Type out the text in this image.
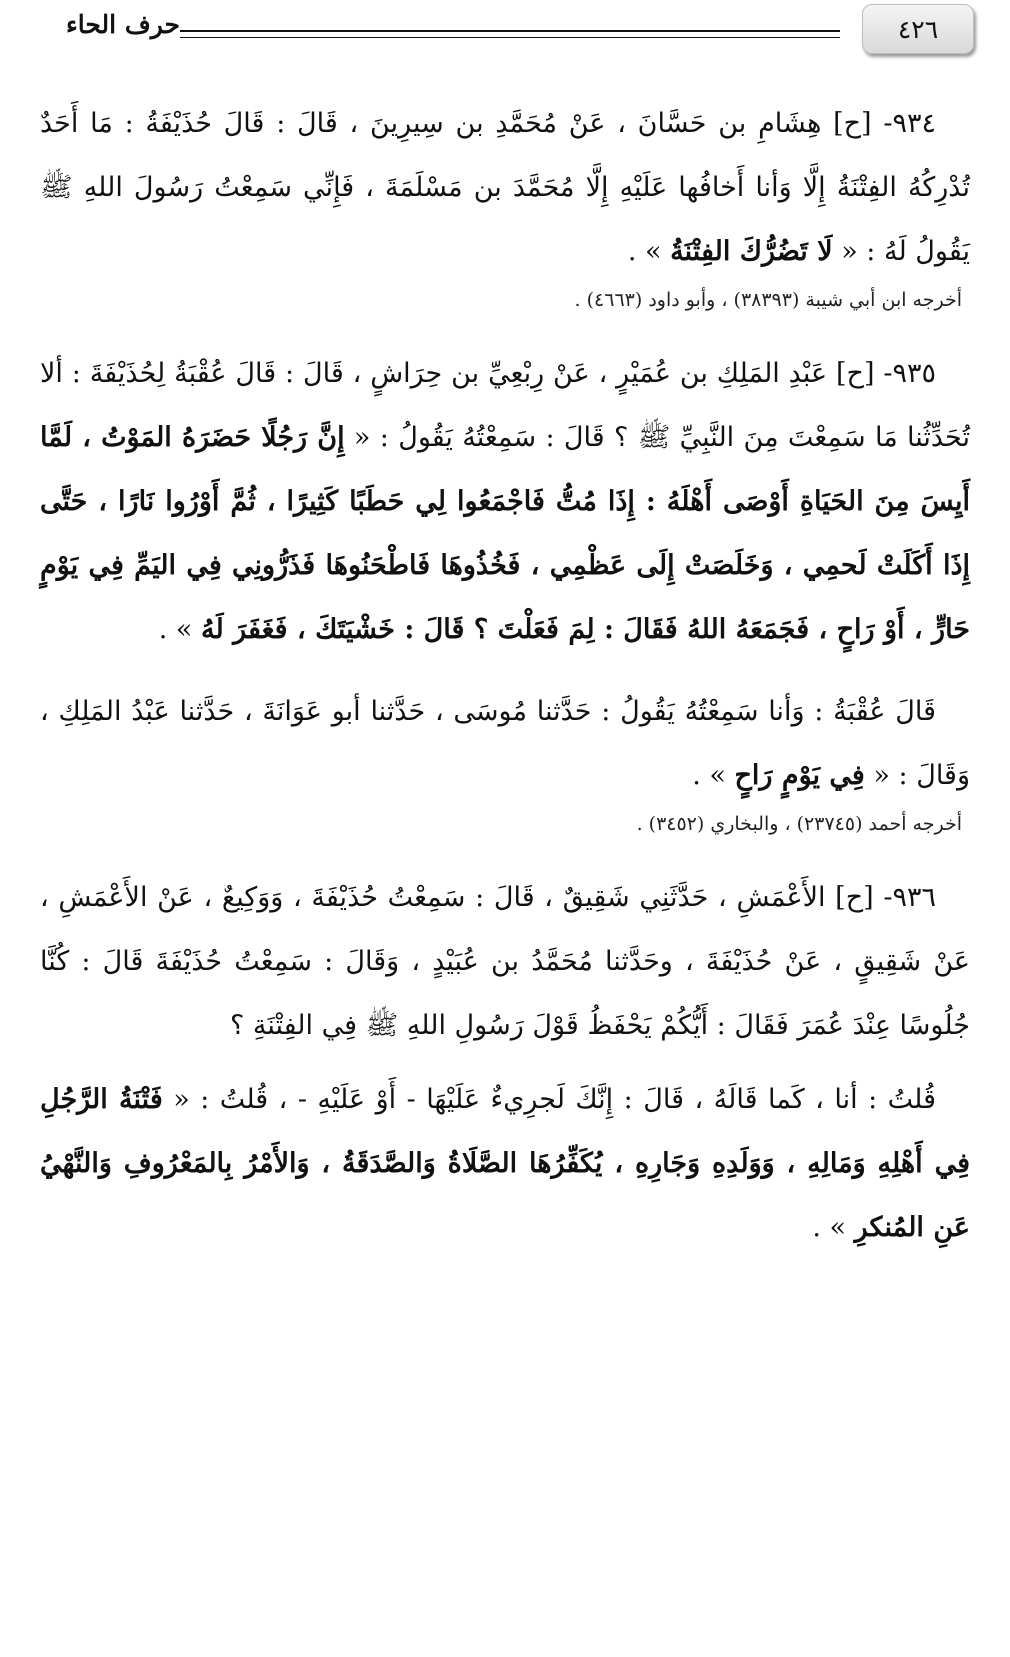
٤٢٦
حرف الحاء

٩٣٤- [ح] هِشَامِ بن حَسَّانَ ، عَنْ مُحَمَّدِ بن سِيرِينَ ، قَالَ : قَالَ حُذَيْفَةُ : مَا أَحَدٌ تُدْرِكُهُ الفِتْنَةُ إِلَّا وَأنا أَخافُها عَلَيْهِ إِلَّا مُحَمَّدَ بن مَسْلَمَةَ ، فَإِنِّي سَمِعْتُ رَسُولَ اللهِ ﷺ يَقُولُ لَهُ : « لَا تَضُرُّكَ الفِتْنَةُ » .

أخرجه ابن أبي شيبة (٣٨٣٩٣) ، وأبو داود (٤٦٦٣) .

٩٣٥- [ح] عَبْدِ المَلِكِ بن عُمَيْرٍ ، عَنْ رِبْعِيِّ بن حِرَاشٍ ، قَالَ : قَالَ عُقْبَةُ لِحُذَيْفَةَ : ألا تُحَدِّثُنا مَا سَمِعْتَ مِنَ النَّبِيِّ ﷺ ؟ قَالَ : سَمِعْتُهُ يَقُولُ : « إِنَّ رَجُلًا حَضَرَهُ المَوْتُ ، لَمَّا أَيِسَ مِنَ الحَيَاةِ أَوْصَى أَهْلَهُ : إِذَا مُتُّ فَاجْمَعُوا لِي حَطَبًا كَثِيرًا ، ثُمَّ أَوْرُوا نَارًا ، حَتَّى إِذَا أَكَلَتْ لَحمِي ، وَخَلَصَتْ إِلَى عَظْمِي ، فَخُذُوهَا فَاطْحَنُوهَا فَذَرُّونِي فِي اليَمِّ فِي يَوْمٍ حَارٍّ ، أَوْ رَاحٍ ، فَجَمَعَهُ اللهُ فَقَالَ : لِمَ فَعَلْتَ ؟ قَالَ : خَشْيَتَكَ ، فَغَفَرَ لَهُ » .

قَالَ عُقْبَةُ : وَأنا سَمِعْتُهُ يَقُولُ : حَدَّثنا مُوسَى ، حَدَّثنا أبو عَوَانَةَ ، حَدَّثنا عَبْدُ المَلِكِ ، وَقَالَ : « فِي يَوْمٍ رَاحٍ » .

أخرجه أحمد (٢٣٧٤٥) ، والبخاري (٣٤٥٢) .

٩٣٦- [ح] الأَعْمَشِ ، حَدَّثَنِي شَقِيقٌ ، قَالَ : سَمِعْتُ حُذَيْفَةَ ، وَوَكِيعٌ ، عَنْ الأَعْمَشِ ، عَنْ شَقِيقٍ ، عَنْ حُذَيْفَةَ ، وحَدَّثنا مُحَمَّدُ بن عُبَيْدٍ ، وَقَالَ : سَمِعْتُ حُذَيْفَةَ قَالَ : كُنَّا جُلُوسًا عِنْدَ عُمَرَ فَقَالَ : أَيُّكُمْ يَحْفَظُ قَوْلَ رَسُولِ اللهِ ﷺ فِي الفِتْنَةِ ؟

قُلتُ : أنا ، كَما قَالَهُ ، قَالَ : إِنَّكَ لَجرِيءٌ عَلَيْهَا - أَوْ عَلَيْهِ - ، قُلتُ : « فَتْنَةُ الرَّجُلِ فِي أَهْلِهِ وَمَالِهِ ، وَوَلَدِهِ وَجَارِهِ ، يُكَفِّرُهَا الصَّلَاةُ وَالصَّدَقَةُ ، وَالأَمْرُ بِالمَعْرُوفِ وَالنَّهْيُ عَنِ المُنكرِ » .
